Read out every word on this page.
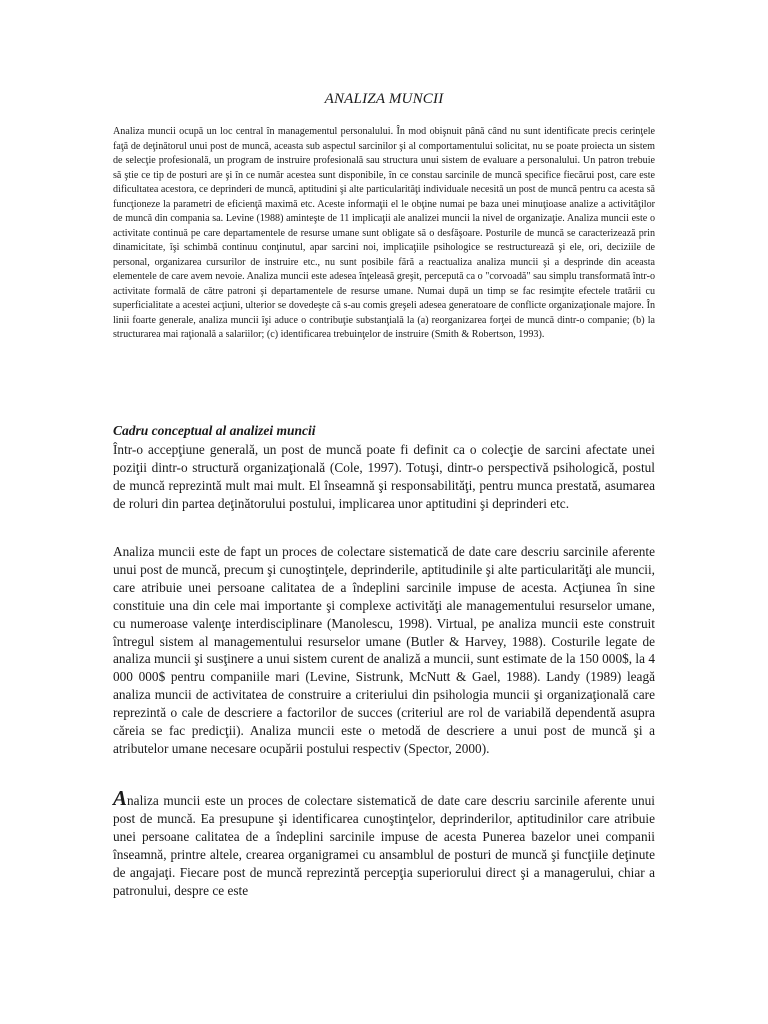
ANALIZA MUNCII
Analiza muncii ocupă un loc central în managementul personalului. În mod obişnuit până când nu sunt identificate precis cerinţele faţă de deţinătorul unui post de muncă, aceasta sub aspectul sarcinilor şi al comportamentului solicitat, nu se poate proiecta un sistem de selecţie profesională, un program de instruire profesională sau structura unui sistem de evaluare a personalului. Un patron trebuie să ştie ce tip de posturi are şi în ce număr acestea sunt disponibile, în ce constau sarcinile de muncă specifice fiecărui post, care este dificultatea acestora, ce deprinderi de muncă, aptitudini şi alte particularităţi individuale necesită un post de muncă pentru ca acesta să funcţioneze la parametri de eficienţă maximă etc. Aceste informaţii el le obţine numai pe baza unei minuţioase analize a activităţilor de muncă din compania sa. Levine (1988) aminteşte de 11 implicaţii ale analizei muncii la nivel de organizaţie. Analiza muncii este o activitate continuă pe care departamentele de resurse umane sunt obligate să o desfăşoare. Posturile de muncă se caracterizează prin dinamicitate, îşi schimbă continuu conţinutul, apar sarcini noi, implicaţiile psihologice se restructurează şi ele, ori, deciziile de personal, organizarea cursurilor de instruire etc., nu sunt posibile fără a reactualiza analiza muncii şi a desprinde din aceasta elementele de care avem nevoie. Analiza muncii este adesea înţeleasă greşit, percepută ca o "corvoadă" sau simplu transformată într-o activitate formală de către patroni şi departamentele de resurse umane. Numai după un timp se fac resimţite efectele tratării cu superficialitate a acestei acţiuni, ulterior se dovedeşte că s-au comis greşeli adesea generatoare de conflicte organizaţionale majore. În linii foarte generale, analiza muncii îşi aduce o contribuţie substanţială la (a) reorganizarea forţei de muncă dintr-o companie; (b) la structurarea mai raţională a salariilor; (c) identificarea trebuinţelor de instruire (Smith & Robertson, 1993).
Cadru conceptual al analizei muncii
Într-o accepţiune generală, un post de muncă poate fi definit ca o colecţie de sarcini afectate unei poziţii dintr-o structură organizaţională (Cole, 1997). Totuşi, dintr-o perspectivă psihologică, postul de muncă reprezintă mult mai mult. El înseamnă şi responsabilităţi, pentru munca prestată, asumarea de roluri din partea deţinătorului postului, implicarea unor aptitudini şi deprinderi etc.
Analiza muncii este de fapt un proces de colectare sistematică de date care descriu sarcinile aferente unui post de muncă, precum şi cunoştinţele, deprinderile, aptitudinile şi alte particularităţi ale muncii, care atribuie unei persoane calitatea de a îndeplini sarcinile impuse de acesta. Acţiunea în sine constituie una din cele mai importante şi complexe activităţi ale managementului resurselor umane, cu numeroase valenţe interdisciplinare (Manolescu, 1998). Virtual, pe analiza muncii este construit întregul sistem al managementului resurselor umane (Butler & Harvey, 1988). Costurile legate de analiza muncii şi susţinere a unui sistem curent de analiză a muncii, sunt estimate de la 150 000$, la 4 000 000$ pentru companiile mari (Levine, Sistrunk, McNutt & Gael, 1988). Landy (1989) leagă analiza muncii de activitatea de construire a criteriului din psihologia muncii şi organizaţională care reprezintă o cale de descriere a factorilor de succes (criteriul are rol de variabilă dependentă asupra căreia se fac predicţii). Analiza muncii este o metodă de descriere a unui post de muncă şi a atributelor umane necesare ocupării postului respectiv (Spector, 2000).
Analiza muncii este un proces de colectare sistematică de date care descriu sarcinile aferente unui post de muncă. Ea presupune şi identificarea cunoştinţelor, deprinderilor, aptitudinilor care atribuie unei persoane calitatea de a îndeplini sarcinile impuse de acesta Punerea bazelor unei companii înseamnă, printre altele, crearea organigramei cu ansamblul de posturi de muncă şi funcţiile deţinute de angajaţi. Fiecare post de muncă reprezintă percepţia superiorului direct şi a managerului, chiar a patronului, despre ce este
